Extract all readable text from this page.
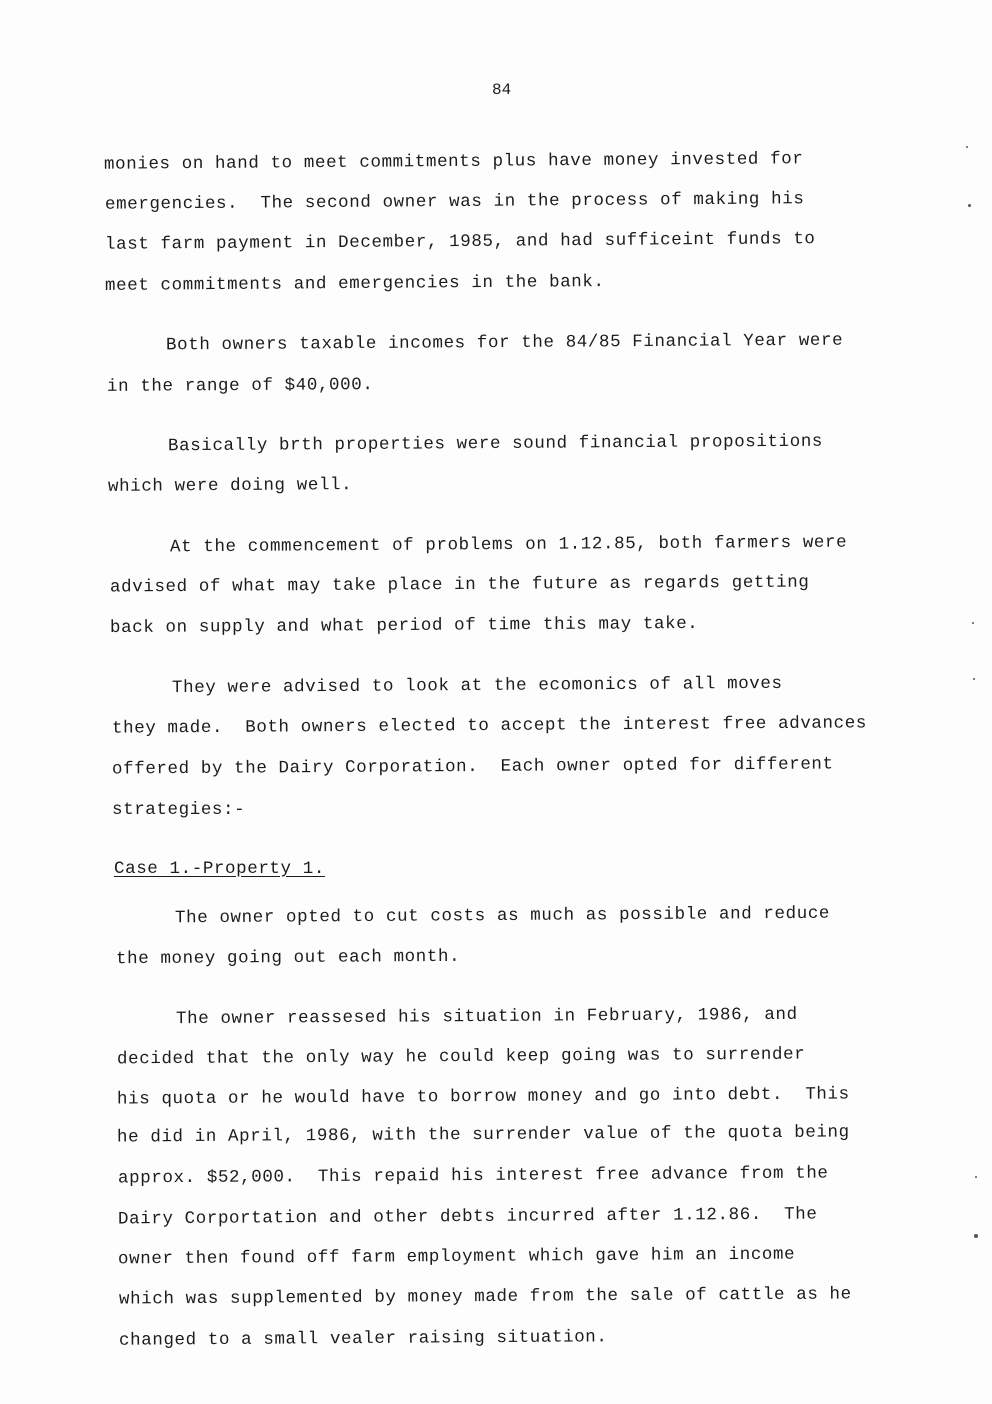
84
monies on hand to meet commitments plus have money invested for
emergencies.  The second owner was in the process of making his
last farm payment in December, 1985, and had sufficeint funds to
meet commitments and emergencies in the bank.
Both owners taxable incomes for the 84/85 Financial Year were
in the range of $40,000.
Basically brth properties were sound financial propositions
which were doing well.
At the commencement of problems on 1.12.85, both farmers were
advised of what may take place in the future as regards getting
back on supply and what period of time this may take.
They were advised to look at the ecomonics of all moves
they made.  Both owners elected to accept the interest free advances
offered by the Dairy Corporation.  Each owner opted for different
strategies:-
Case 1.-Property 1.
The owner opted to cut costs as much as possible and reduce
the money going out each month.
The owner reassesed his situation in February, 1986, and
decided that the only way he could keep going was to surrender
his quota or he would have to borrow money and go into debt.  This
he did in April, 1986, with the surrender value of the quota being
approx. $52,000.  This repaid his interest free advance from the
Dairy Corportation and other debts incurred after 1.12.86.  The
owner then found off farm employment which gave him an income
which was supplemented by money made from the sale of cattle as he
changed to a small vealer raising situation.
